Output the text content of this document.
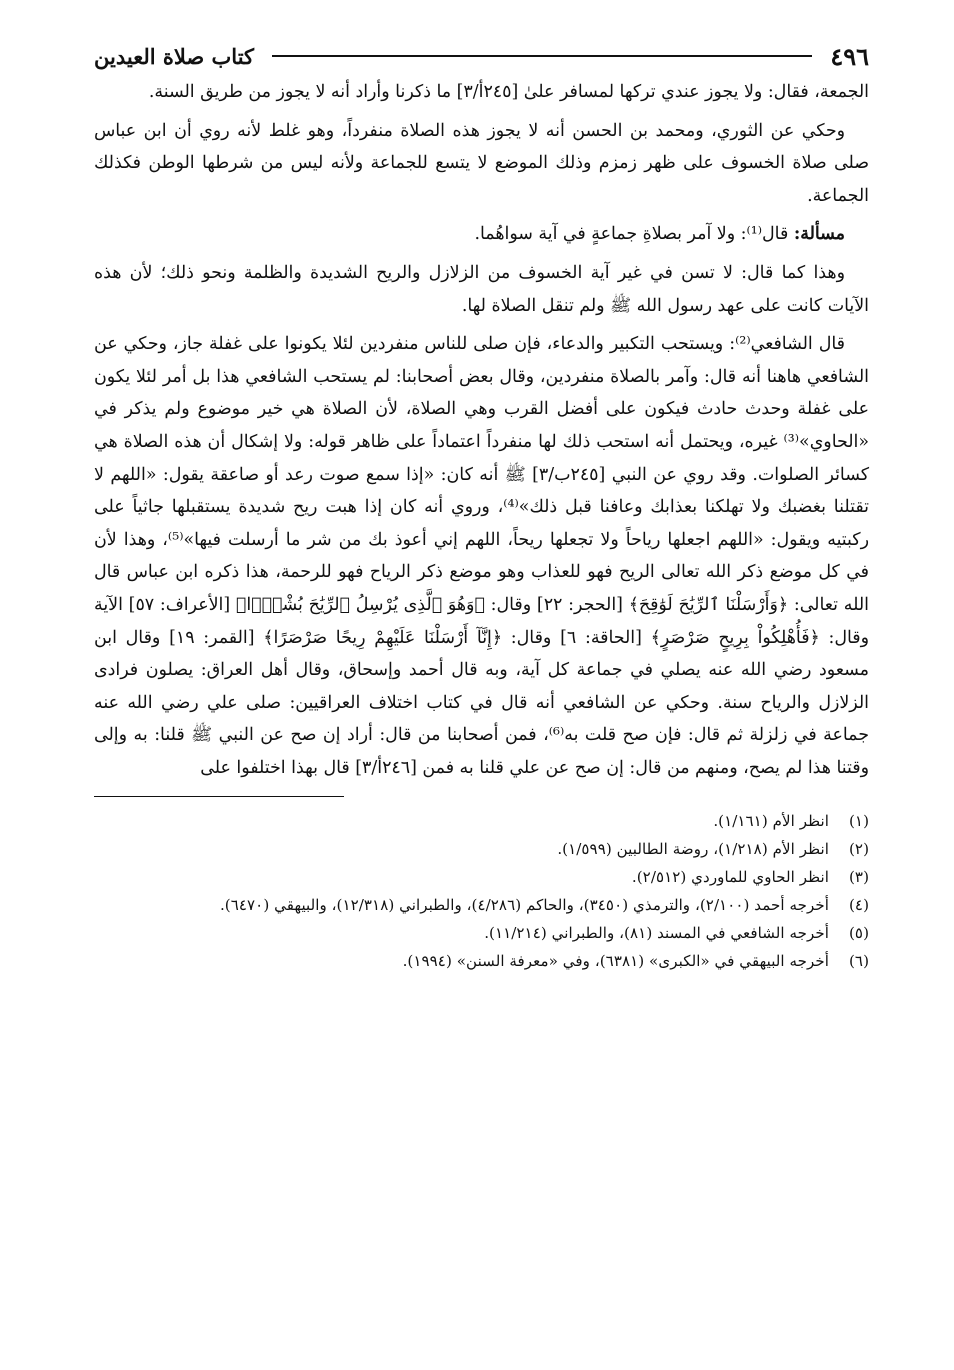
٤٩٦
كتاب صلاة العيدين

الجمعة، فقال: ولا يجوز عندي تركها لمسافر علىٰ [٢٤٥أ/٣] ما ذكرنا وأراد أنه لا يجوز من طريق السنة.

وحكي عن الثوري، ومحمد بن الحسن أنه لا يجوز هذه الصلاة منفرداً، وهو غلط لأنه روي أن ابن عباس صلى صلاة الخسوف على ظهر زمزم وذلك الموضع لا يتسع للجماعة ولأنه ليس من شرطها الوطن فكذلك الجماعة.

مسألة: قال⁽¹⁾: ولا آمر بصلاةِ جماعةٍ في آية سواهُما.

وهذا كما قال: لا تسن في غير آية الخسوف من الزلازل والريح الشديدة والظلمة ونحو ذلك؛ لأن هذه الآيات كانت على عهد رسول الله ﷺ ولم تنقل الصلاة لها.

قال الشافعي⁽²⁾: ويستحب التكبير والدعاء، فإن صلى للناس منفردين لئلا يكونوا على غفلة جاز، وحكي عن الشافعي هاهنا أنه قال: وآمر بالصلاة منفردين، وقال بعض أصحابنا: لم يستحب الشافعي هذا بل أمر لئلا يكون على غفلة وحدث حادث فيكون على أفضل القرب وهي الصلاة، لأن الصلاة هي خير موضوع ولم يذكر في «الحاوي»⁽³⁾ غيره، ويحتمل أنه استحب ذلك لها منفرداً اعتماداً على ظاهر قوله: ولا إشكال أن هذه الصلاة هي كسائر الصلوات. وقد روي عن النبي [٢٤٥ب/٣] ﷺ أنه كان: «إذا سمع صوت رعد أو صاعقة يقول: «اللهم لا تقتلنا بغضبك ولا تهلكنا بعذابك وعافنا قبل ذلك»⁽⁴⁾، وروي أنه كان إذا هبت ريح شديدة يستقبلها جاثياً على ركبتيه ويقول: «اللهم اجعلها رياحاً ولا تجعلها ريحاً، اللهم إني أعوذ بك من شر ما أرسلت فيها»⁽⁵⁾، وهذا لأن في كل موضع ذكر الله تعالى الريح فهو للعذاب وهو موضع ذكر الرياح فهو للرحمة، هذا ذكره ابن عباس قال الله تعالى: ﴿وَأَرْسَلْنَا ٱلرِّيَٰحَ لَوَٰقِحَ﴾ [الحجر: ٢٢] وقال: ﴿وَهُوَ ٱلَّذِى يُرْسِلُ ٱلرِّيَٰحَ بُشْرًۢا﴾ [الأعراف: ٥٧] الآية وقال: ﴿فَأُهْلِكُواْ بِرِيحٍ صَرْصَرٍ﴾ [الحاقة: ٦] وقال: ﴿إِنَّآ أَرْسَلْنَا عَلَيْهِمْ رِيحًا صَرْصَرًا﴾ [القمر: ١٩] وقال ابن مسعود رضي الله عنه يصلي في جماعة كل آية، وبه قال أحمد وإسحاق، وقال أهل العراق: يصلون فرادى الزلازل والرياح سنة. وحكي عن الشافعي أنه قال في كتاب اختلاف العراقيين: صلى علي رضي الله عنه جماعة في زلزلة ثم قال: فإن صح قلت به⁽⁶⁾، فمن أصحابنا من قال: أراد إن صح عن النبي ﷺ قلنا: به وإلى وقتنا هذا لم يصح، ومنهم من قال: إن صح عن علي قلنا به فمن [٢٤٦أ/٣] قال بهذا اختلفوا على

(١)
انظر الأم (١/١٦١).
(٢)
انظر الأم (١/٢١٨)، روضة الطالبين (١/٥٩٩).
(٣)
انظر الحاوي للماوردي (٢/٥١٢).
(٤)
أخرجه أحمد (٢/١٠٠)، والترمذي (٣٤٥٠)، والحاكم (٤/٢٨٦)، والطبراني (١٢/٣١٨)، والبيهقي (٦٤٧٠).
(٥)
أخرجه الشافعي في المسند (٨١)، والطبراني (١١/٢١٤).
(٦)
أخرجه البيهقي في «الكبرى» (٦٣٨١)، وفي «معرفة السنن» (١٩٩٤).
